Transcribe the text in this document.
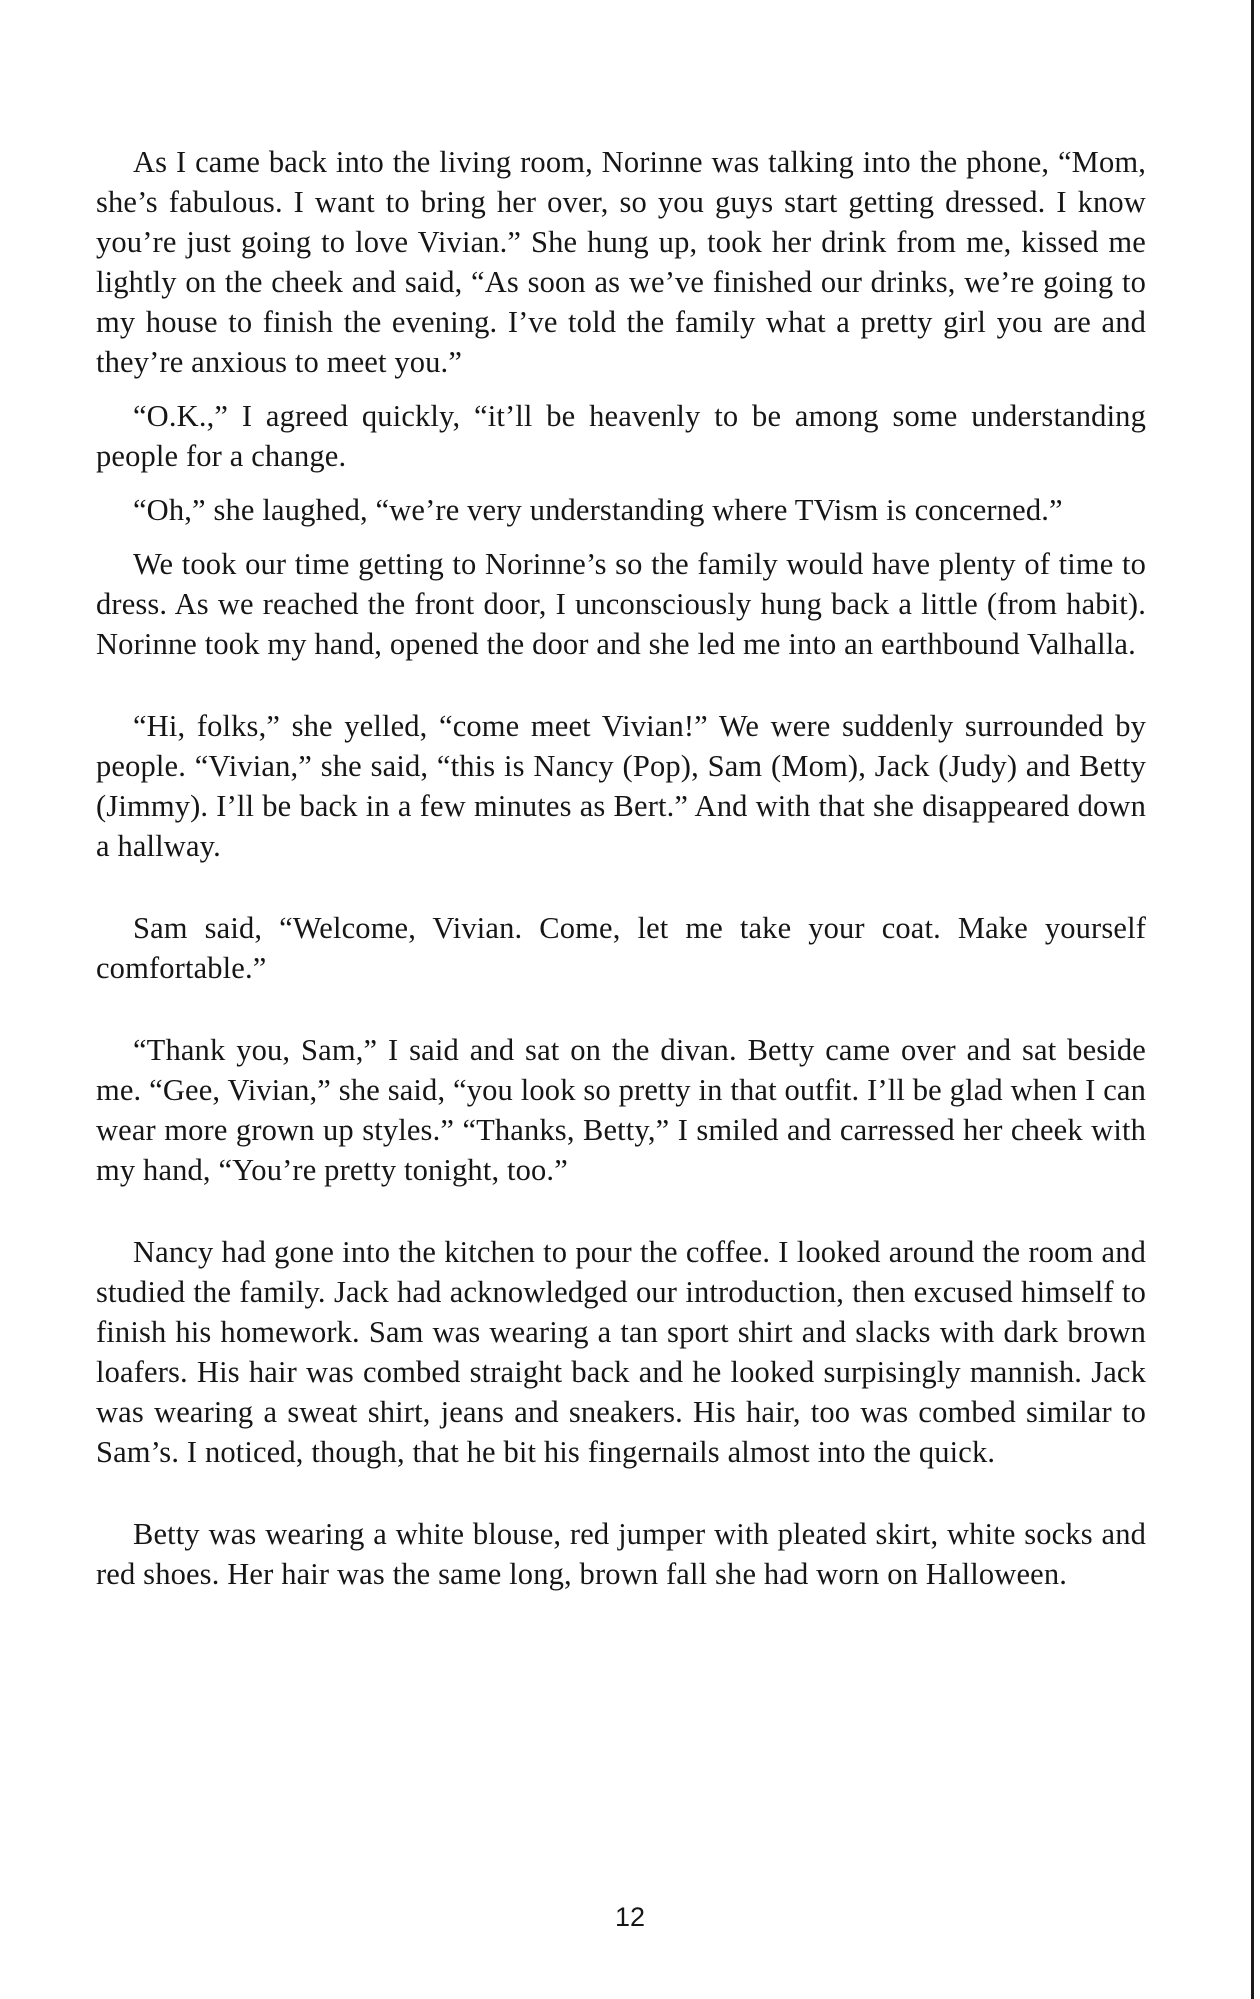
As I came back into the living room, Norinne was talking into the phone, “Mom, she’s fabulous. I want to bring her over, so you guys start getting dressed. I know you’re just going to love Vivian.” She hung up, took her drink from me, kissed me lightly on the cheek and said, “As soon as we’ve finished our drinks, we’re going to my house to finish the evening. I’ve told the family what a pretty girl you are and they’re anxious to meet you.”

“O.K.,” I agreed quickly, “it’ll be heavenly to be among some understanding people for a change.

“Oh,” she laughed, “we’re very understanding where TVism is concerned.”

We took our time getting to Norinne’s so the family would have plenty of time to dress. As we reached the front door, I unconsciously hung back a little (from habit). Norinne took my hand, opened the door and she led me into an earthbound Valhalla.

“Hi, folks,” she yelled, “come meet Vivian!” We were suddenly surrounded by people. “Vivian,” she said, “this is Nancy (Pop), Sam (Mom), Jack (Judy) and Betty (Jimmy). I’ll be back in a few minutes as Bert.” And with that she disappeared down a hallway.

Sam said, “Welcome, Vivian. Come, let me take your coat. Make yourself comfortable.”

“Thank you, Sam,” I said and sat on the divan. Betty came over and sat beside me. “Gee, Vivian,” she said, “you look so pretty in that outfit. I’ll be glad when I can wear more grown up styles.” “Thanks, Betty,” I smiled and carressed her cheek with my hand, “You’re pretty tonight, too.”

Nancy had gone into the kitchen to pour the coffee. I looked around the room and studied the family. Jack had acknowledged our introduction, then excused himself to finish his homework. Sam was wearing a tan sport shirt and slacks with dark brown loafers. His hair was combed straight back and he looked surpisingly mannish. Jack was wearing a sweat shirt, jeans and sneakers. His hair, too was combed similar to Sam’s. I noticed, though, that he bit his fingernails almost into the quick.

Betty was wearing a white blouse, red jumper with pleated skirt, white socks and red shoes. Her hair was the same long, brown fall she had worn on Halloween.

12
